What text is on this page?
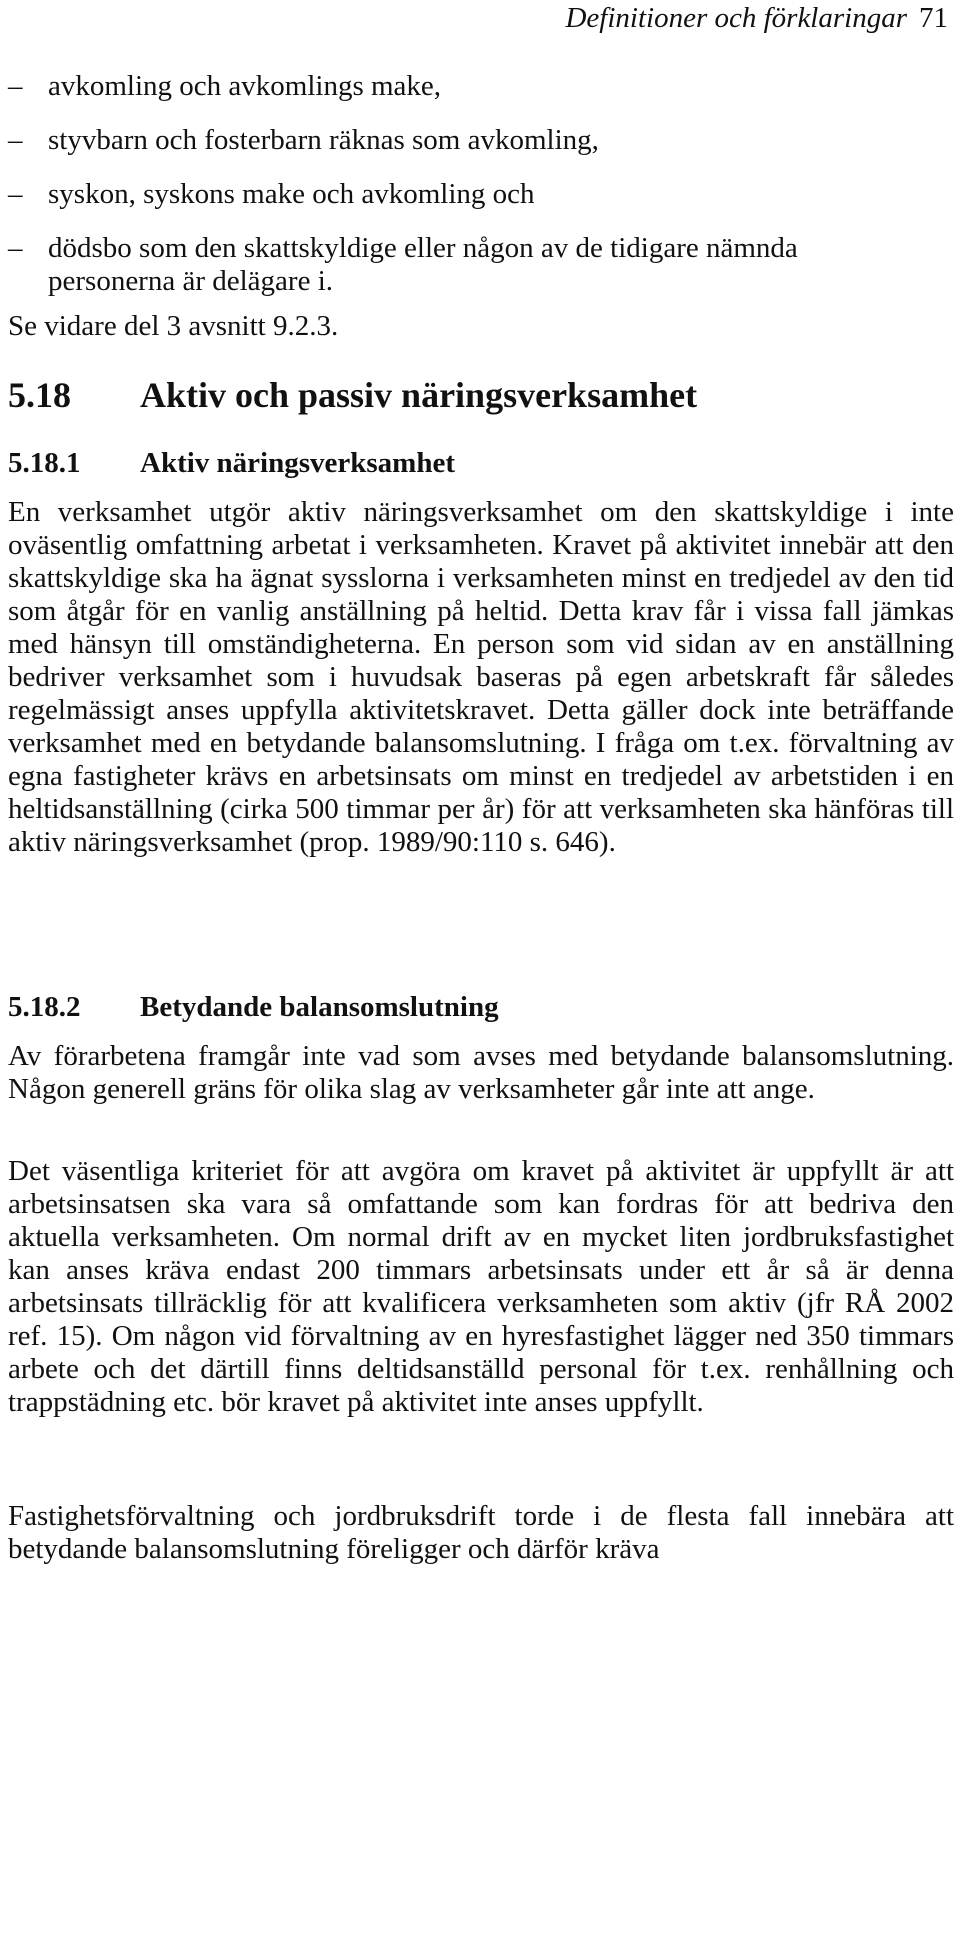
Definitioner och förklaringar 71
– avkomling och avkomlings make,
– styvbarn och fosterbarn räknas som avkomling,
– syskon, syskons make och avkomling och
– dödsbo som den skattskyldige eller någon av de tidigare nämnda
personerna är delägare i.
Se vidare del 3 avsnitt 9.2.3.
5.18 Aktiv och passiv näringsverksamhet
5.18.1 Aktiv näringsverksamhet
En verksamhet utgör aktiv näringsverksamhet om den skattskyldige i inte oväsentlig omfattning arbetat i verksamheten. Kravet på aktivitet innebär att den skattskyldige ska ha ägnat sysslorna i verksamheten minst en tredjedel av den tid som åtgår för en vanlig anställning på heltid. Detta krav får i vissa fall jämkas med hänsyn till omständigheterna. En person som vid sidan av en anställning bedriver verksamhet som i huvudsak baseras på egen arbetskraft får således regelmässigt anses uppfylla aktivitetskravet. Detta gäller dock inte beträffande verksamhet med en betydande balansomslutning. I fråga om t.ex. förvaltning av egna fastigheter krävs en arbetsinsats om minst en tredjedel av arbetstiden i en heltidsanställning (cirka 500 timmar per år) för att verksamheten ska hänföras till aktiv näringsverksamhet (prop. 1989/90:110 s. 646).
5.18.2 Betydande balansomslutning
Av förarbetena framgår inte vad som avses med betydande balansomslutning. Någon generell gräns för olika slag av verksamheter går inte att ange.
Det väsentliga kriteriet för att avgöra om kravet på aktivitet är uppfyllt är att arbetsinsatsen ska vara så omfattande som kan fordras för att bedriva den aktuella verksamheten. Om normal drift av en mycket liten jordbruksfastighet kan anses kräva endast 200 timmars arbetsinsats under ett år så är denna arbetsinsats tillräcklig för att kvalificera verksamheten som aktiv (jfr RÅ 2002 ref. 15). Om någon vid förvaltning av en hyresfastighet lägger ned 350 timmars arbete och det därtill finns deltidsanställd personal för t.ex. renhållning och trappstädning etc. bör kravet på aktivitet inte anses uppfyllt.
Fastighetsförvaltning och jordbruksdrift torde i de flesta fall innebära att betydande balansomslutning föreligger och därför kräva
